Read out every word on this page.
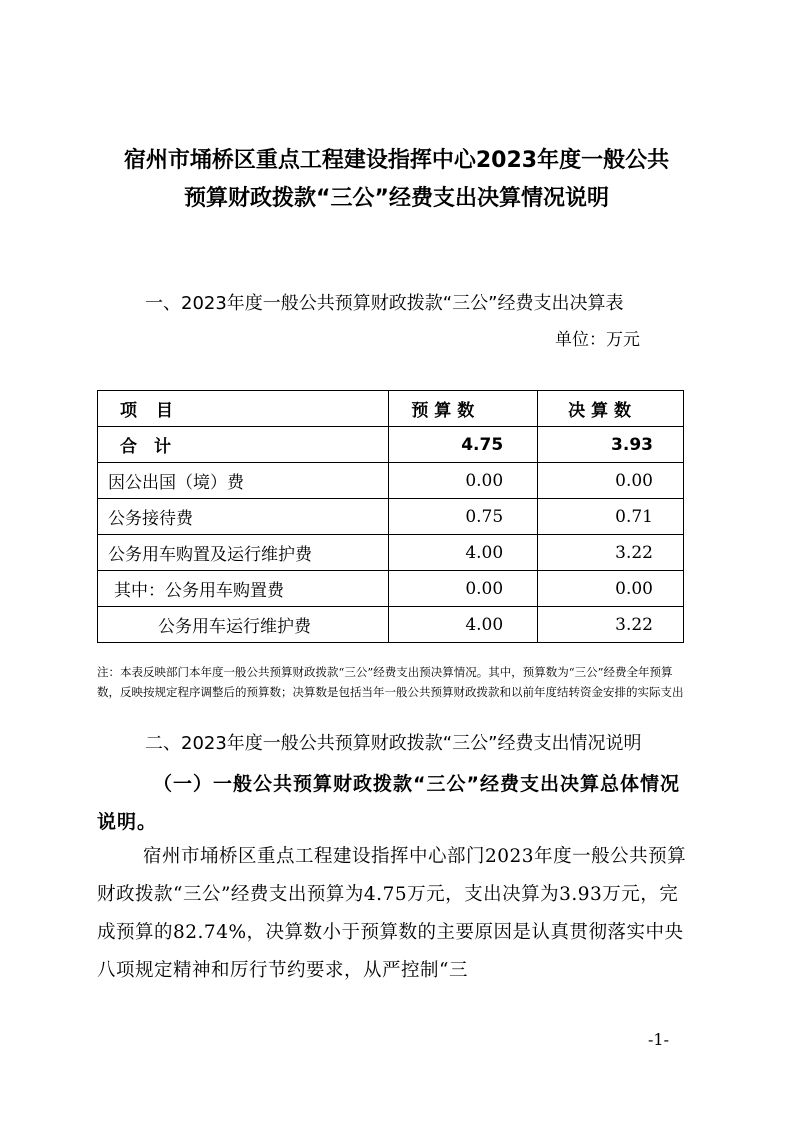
宿州市埇桥区重点工程建设指挥中心2023年度一般公共
预算财政拨款“三公”经费支出决算情况说明
一、2023年度一般公共预算财政拨款“三公”经费支出决算表
单位：万元
项　目	预 算 数	决 算 数
合　计	4.75	3.93
因公出国（境）费	0.00	0.00
公务接待费	0.75	0.71
公务用车购置及运行维护费	4.00	3.22
其中：公务用车购置费	0.00	0.00
公务用车运行维护费	4.00	3.22
注：本表反映部门本年度一般公共预算财政拨款“三公”经费支出预决算情况。其中，预算数为“三公”经费全年预算数，反映按规定程序调整后的预算数；决算数是包括当年一般公共预算财政拨款和以前年度结转资金安排的实际支出
二、2023年度一般公共预算财政拨款“三公”经费支出情况说明
（一）一般公共预算财政拨款“三公”经费支出决算总体情况说明。
宿州市埇桥区重点工程建设指挥中心部门2023年度一般公共预算财政拨款“三公”经费支出预算为4.75万元，支出决算为3.93万元，完成预算的82.74%，决算数小于预算数的主要原因是认真贯彻落实中央八项规定精神和厉行节约要求，从严控制“三
-1-
